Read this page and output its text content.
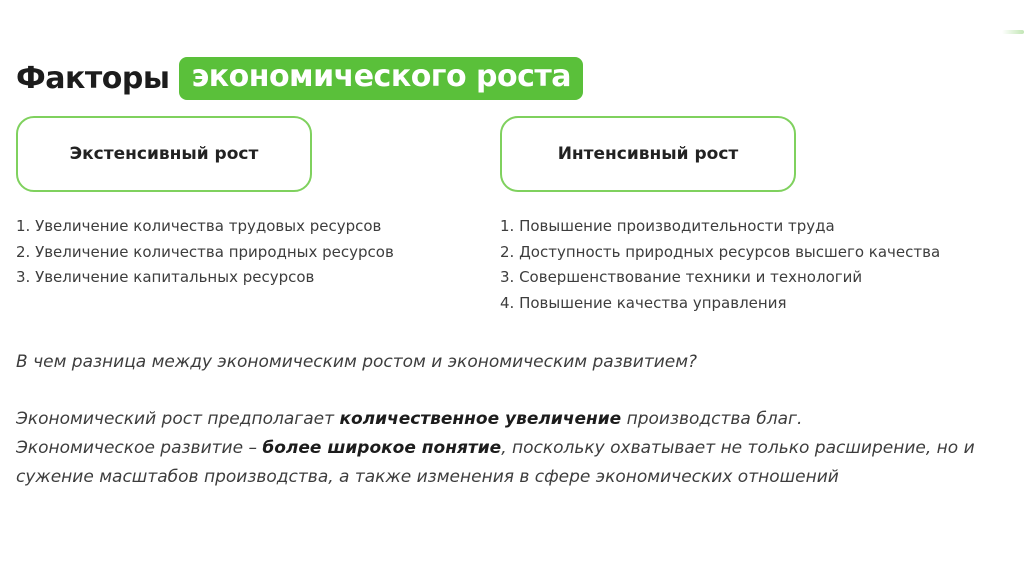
Факторы экономического роста
Экстенсивный рост	Интенсивный рост
1. Увеличение количества трудовых ресурсов
2. Увеличение количества природных ресурсов
3. Увеличение капитальных ресурсов
1. Повышение производительности труда
2. Доступность природных ресурсов высшего качества
3. Совершенствование техники и технологий
4. Повышение качества управления
В чем разница между экономическим ростом и экономическим развитием?
Экономический рост предполагает количественное увеличение производства благ.
Экономическое развитие – более широкое понятие, поскольку охватывает не только расширение, но и сужение масштабов производства, а также изменения в сфере экономических отношений
